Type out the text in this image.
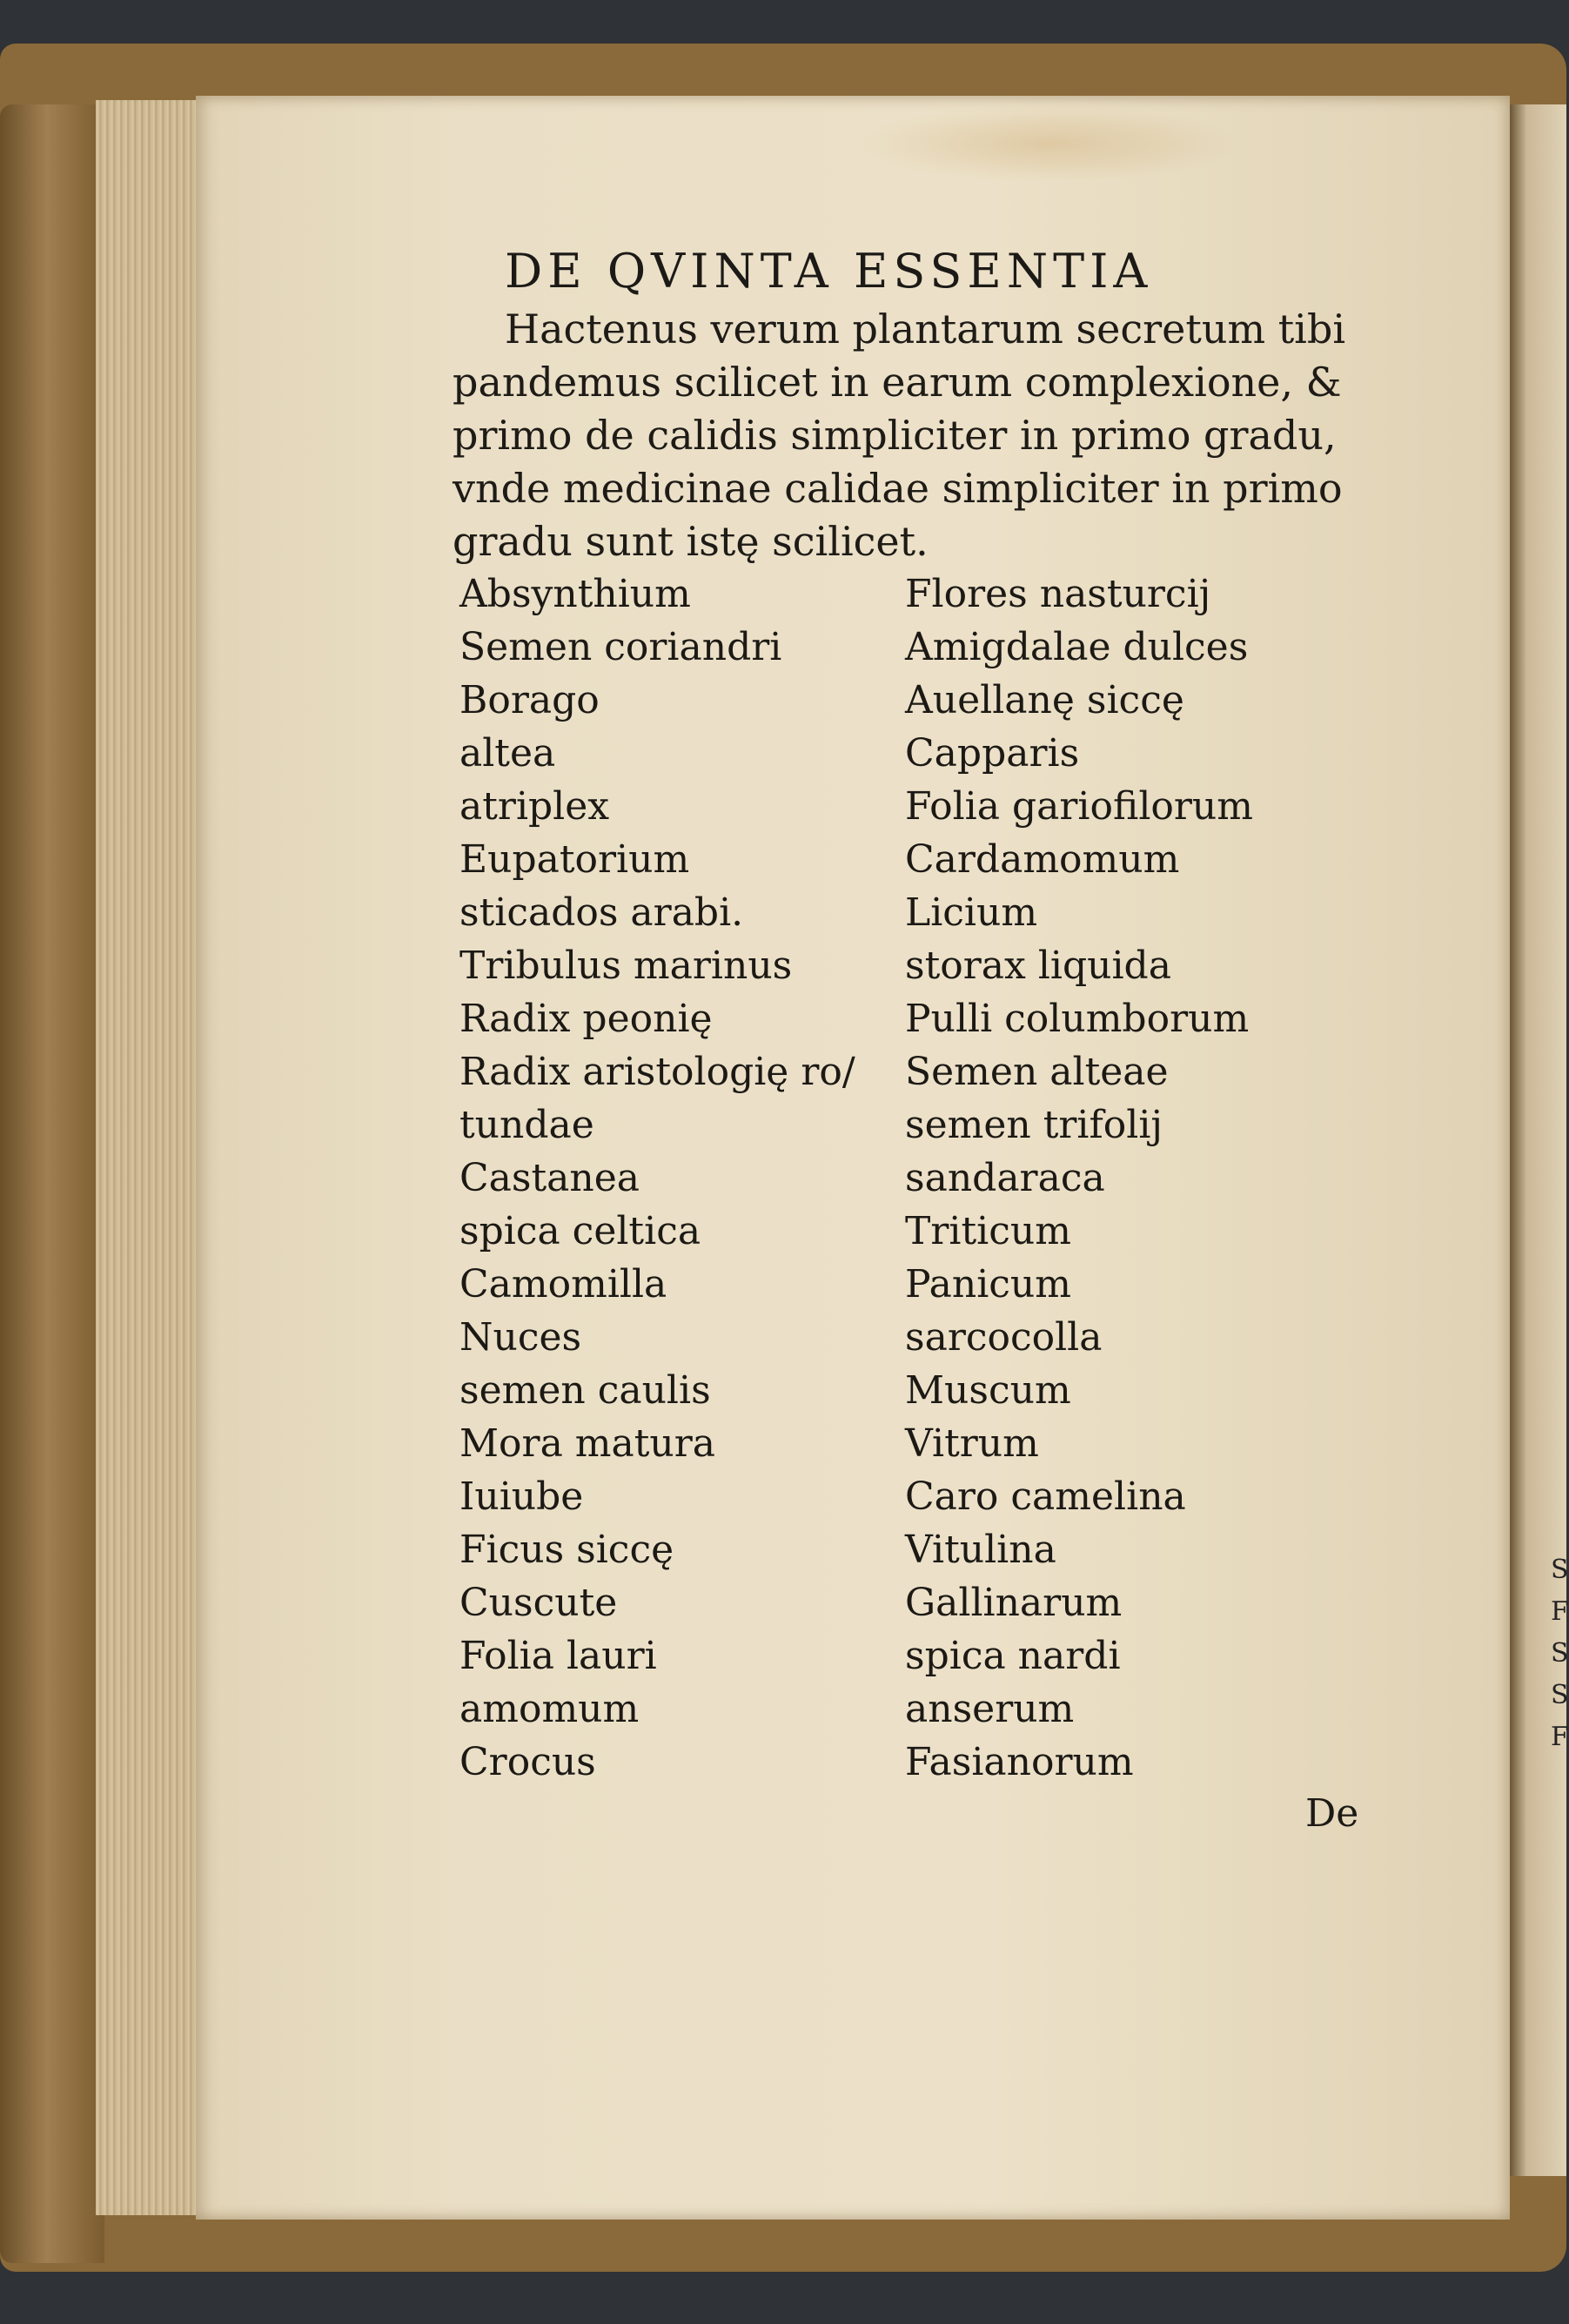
S
F
S
S
F
DE QVINTA ESSENTIA
Hactenus verum plantarum secretum tibi
pandemus scilicet in earum complexione, &
primo de calidis simpliciter in primo gradu,
vnde medicinae calidae simpliciter in primo
gradu sunt istę scilicet.
Absynthium
Semen coriandri
Borago
altea
atriplex
Eupatorium
sticados arabi.
Tribulus marinus
Radix peonię
Radix aristologię ro/
tundae
Castanea
spica celtica
Camomilla
Nuces
semen caulis
Mora matura
Iuiube
Ficus siccę
Cuscute
Folia lauri
amomum
Crocus
Flores nasturcij
Amigdalae dulces
Auellanę siccę
Capparis
Folia gariofilorum
Cardamomum
Licium
storax liquida
Pulli columborum
Semen alteae
semen trifolij
sandaraca
Triticum
Panicum
sarcocolla
Muscum
Vitrum
Caro camelina
Vitulina
Gallinarum
spica nardi
anserum
Fasianorum
De
